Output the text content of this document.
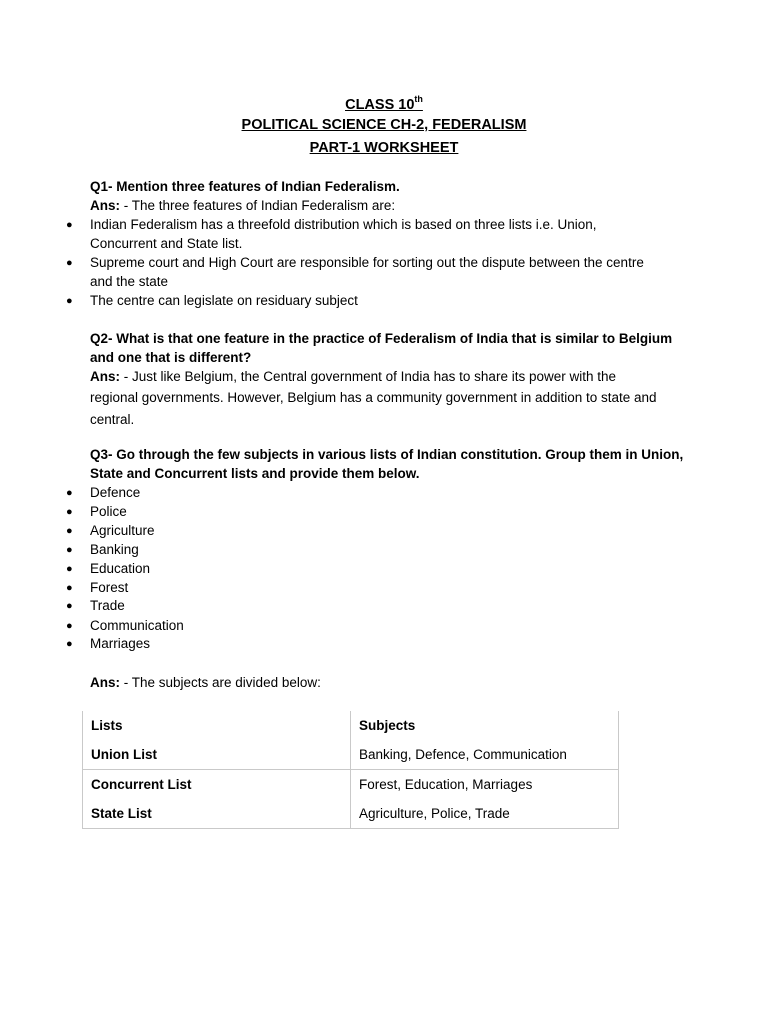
CLASS 10th
POLITICAL SCIENCE CH-2, FEDERALISM
PART-1 WORKSHEET
Q1- Mention three features of Indian Federalism.
Ans: - The three features of Indian Federalism are:
● Indian Federalism has a threefold distribution which is based on three lists i.e. Union,
Concurrent and State list.
● Supreme court and High Court are responsible for sorting out the dispute between the centre
and the state
● The centre can legislate on residuary subject
Q2- What is that one feature in the practice of Federalism of India that is similar to Belgium
and one that is different?
Ans: - Just like Belgium, the Central government of India has to share its power with the
regional governments. However, Belgium has a community government in addition to state and
central.
Q3- Go through the few subjects in various lists of Indian constitution. Group them in Union,
State and Concurrent lists and provide them below.
● Defence
● Police
● Agriculture
● Banking
● Education
● Forest
● Trade
● Communication
● Marriages
Ans: - The subjects are divided below:
Lists	Subjects
Union List	Banking, Defence, Communication
Concurrent List	Forest, Education, Marriages
State List	Agriculture, Police, Trade
